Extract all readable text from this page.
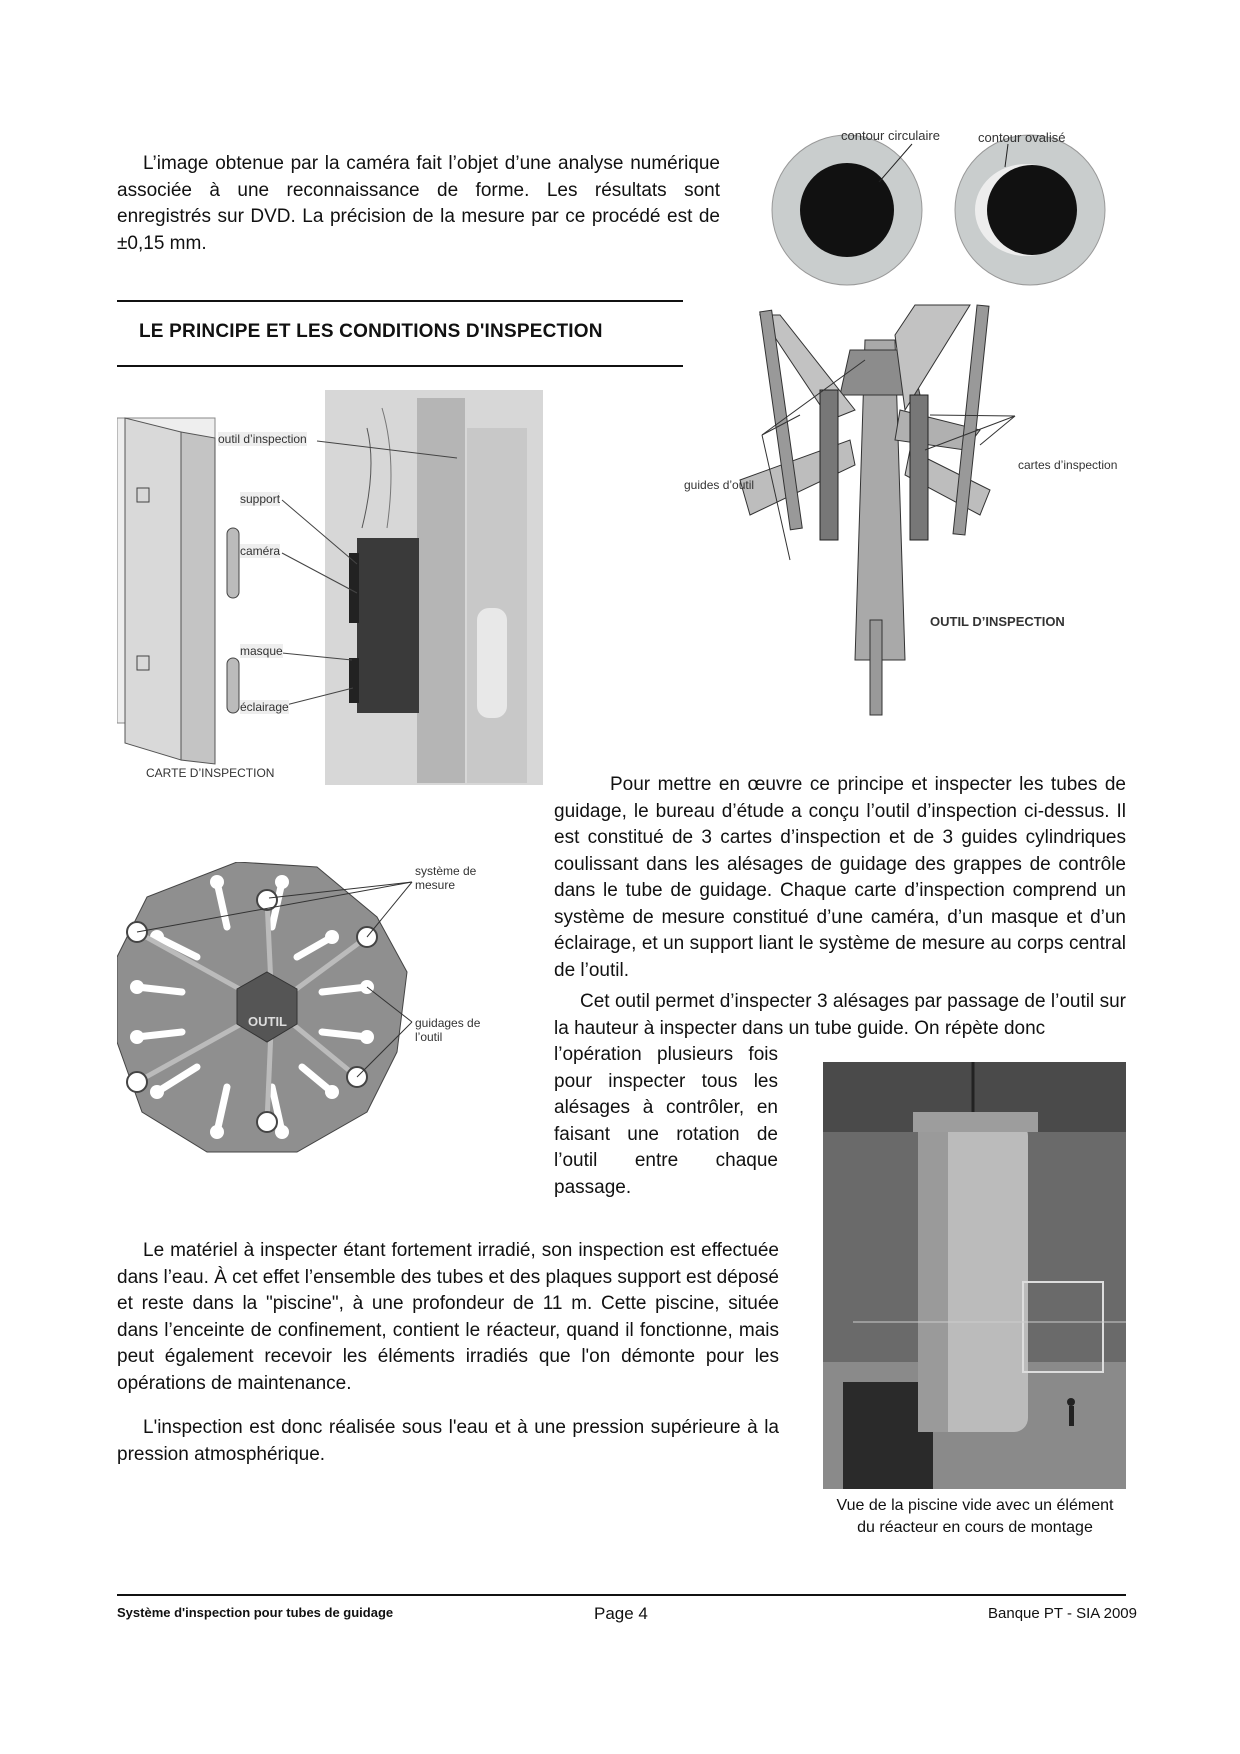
L’image obtenue par la caméra fait l’objet d’une analyse numérique associée à une reconnaissance de forme. Les résultats sont enregistrés sur DVD. La précision de la mesure par ce procédé est de ±0,15 mm.
contour circulaire	contour ovalisé
LE PRINCIPE ET LES CONDITIONS D'INSPECTION
outil d’inspection
support
caméra
masque
éclairage
CARTE D’INSPECTION
guides d’outil
cartes d’inspection
OUTIL D’INSPECTION
Pour mettre en œuvre ce principe et inspecter les tubes de guidage, le bureau d’étude a conçu l’outil d’inspection ci-dessus. Il est constitué de 3 cartes d’inspection et de 3 guides cylindriques coulissant dans les alésages de guidage des grappes de contrôle dans le tube de guidage. Chaque carte d’inspection comprend un système de mesure constitué d’une caméra, d’un masque et d’un éclairage, et un support liant le système de mesure au corps central de l’outil.
Cet outil permet d’inspecter 3 alésages par passage de l’outil sur la hauteur à inspecter dans un tube guide. On répète donc
l’opération plusieurs fois pour inspecter tous les alésages à contrôler, en faisant une rotation de l’outil entre chaque passage.
OUTIL
système de mesure
guidages de l’outil
Vue de la piscine vide avec un élément
du réacteur en cours de montage
Le matériel à inspecter étant fortement irradié, son inspection est effectuée dans l’eau. À cet effet l’ensemble des tubes et des plaques support est déposé et reste dans la "piscine", à une profondeur de 11 m. Cette piscine, située dans l’enceinte de confinement, contient le réacteur, quand il fonctionne, mais peut également recevoir les éléments irradiés que l'on démonte pour les opérations de maintenance.
L'inspection est donc réalisée sous l'eau et à une pression supérieure à la pression atmosphérique.
Système d'inspection pour tubes de guidage	Page 4	Banque PT - SIA 2009
